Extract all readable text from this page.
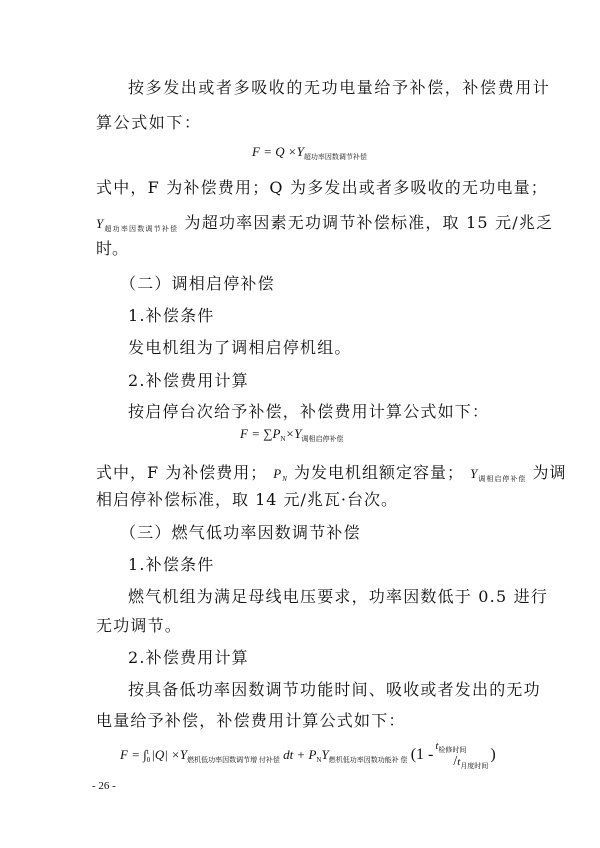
按多发出或者多吸收的无功电量给予补偿，补偿费用计
算公式如下：
$F = Q \times Y_{超功率因数调节补偿}$
式中，F 为补偿费用；Q 为多发出或者多吸收的无功电量；
$Y_{超功率因数调节补偿}$ 为超功率因素无功调节补偿标准，取 15 元/兆乏
时。
（二）调相启停补偿
1.补偿条件
发电机组为了调相启停机组。
2.补偿费用计算
按启停台次给予补偿，补偿费用计算公式如下：
$F = \sum P_N\times Y_{调相启停补偿}$
式中，F 为补偿费用； $P_N$ 为发电机组额定容量； $Y_{调相启停补偿}$ 为调
相启停补偿标准，取 14 元/兆瓦·台次。
（三）燃气低功率因数调节补偿
1.补偿条件
燃气机组为满足母线电压要求，功率因数低于 0.5 进行
无功调节。
2.补偿费用计算
按具备低功率因数调节功能时间、吸收或者发出的无功
电量给予补偿，补偿费用计算公式如下：
F = ∫ t
0 $|Q| \times Y_{燃机低功率因数调节增 付补偿}$ dt + $P_NY_{燃机低功率因数功能补 偿}$ ($1 - t_{检修时间}$
$/t_{月度时间}$
)
- 26 -
